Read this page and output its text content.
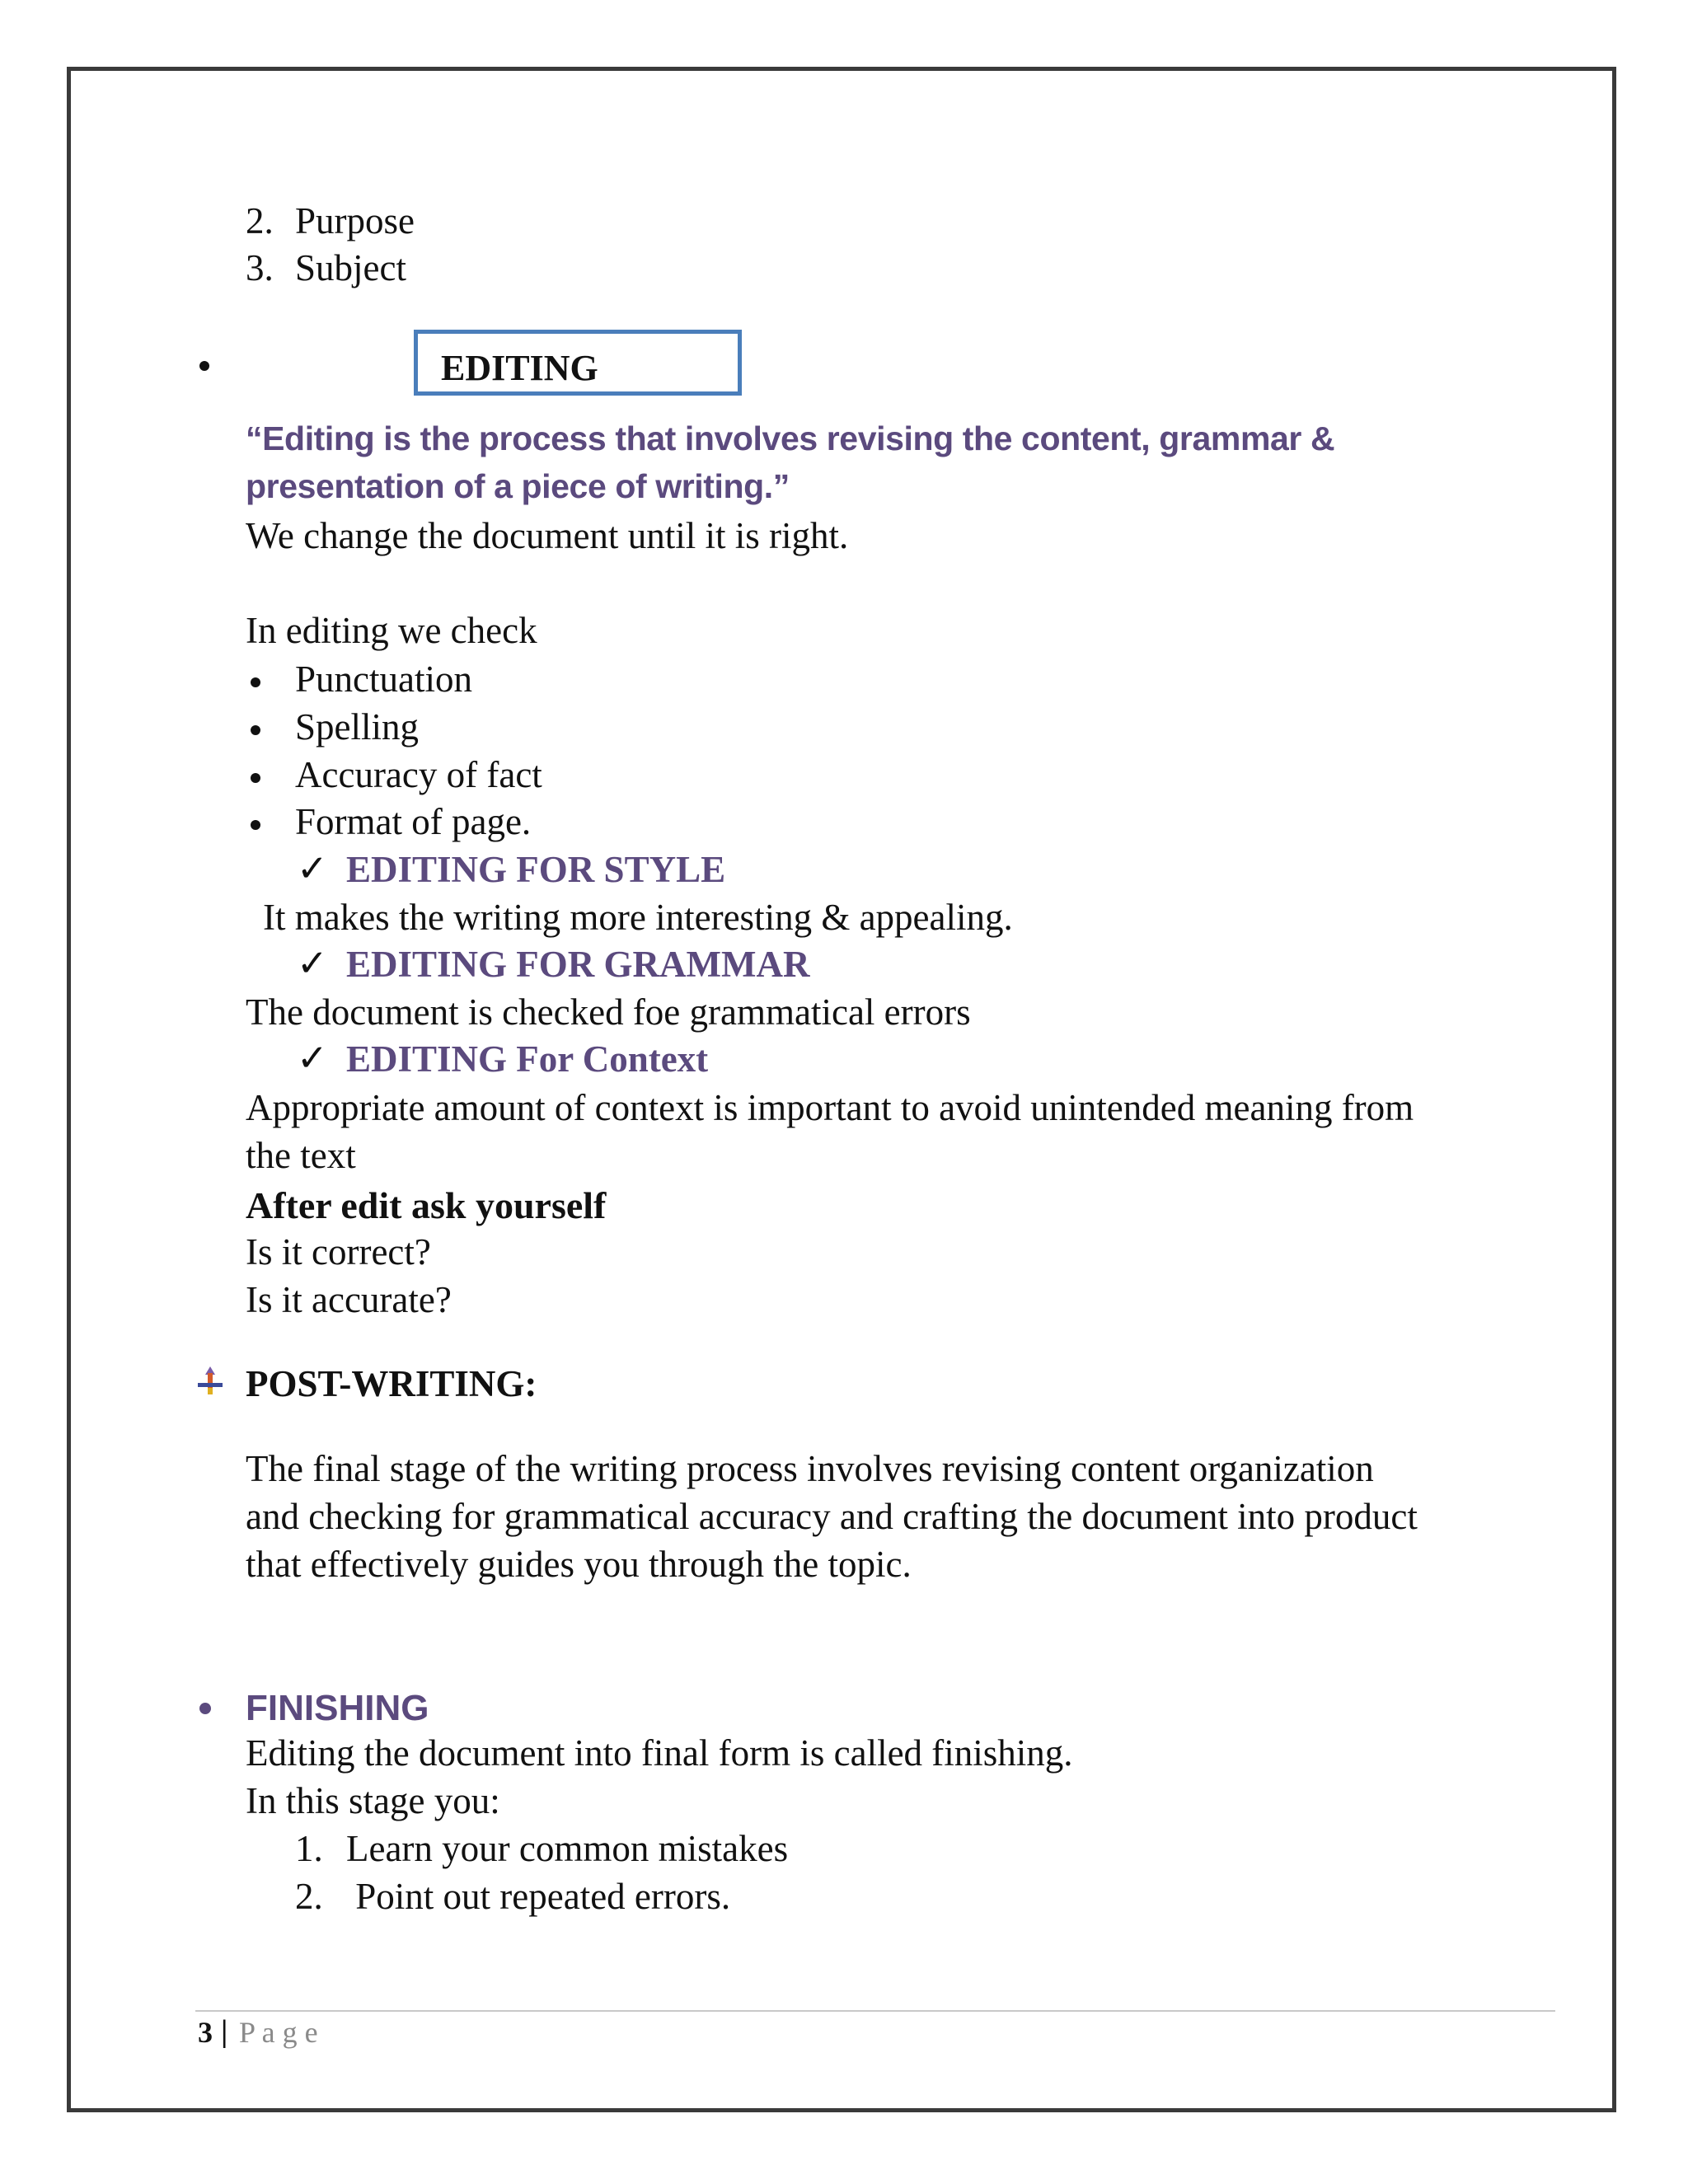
2. Purpose
3. Subject
EDITING
“Editing is the process that involves revising the content, grammar &
presentation of a piece of writing.”
We change the document until it is right.
In editing we check
Punctuation
Spelling
Accuracy of fact
Format of page.
✓ EDITING FOR STYLE
It makes the writing more interesting & appealing.
✓ EDITING FOR GRAMMAR
The document is checked foe grammatical errors
✓ EDITING For Context
Appropriate amount of context is important to avoid unintended meaning from
the text
After edit ask yourself
Is it correct?
Is it accurate?
POST-WRITING:
The final stage of the writing process involves revising content organization
and checking for grammatical accuracy and crafting the document into product
that effectively guides you through the topic.
FINISHING
Editing the document into final form is called finishing.
In this stage you:
1. Learn your common mistakes
2. Point out repeated errors.
3 | P a g e
